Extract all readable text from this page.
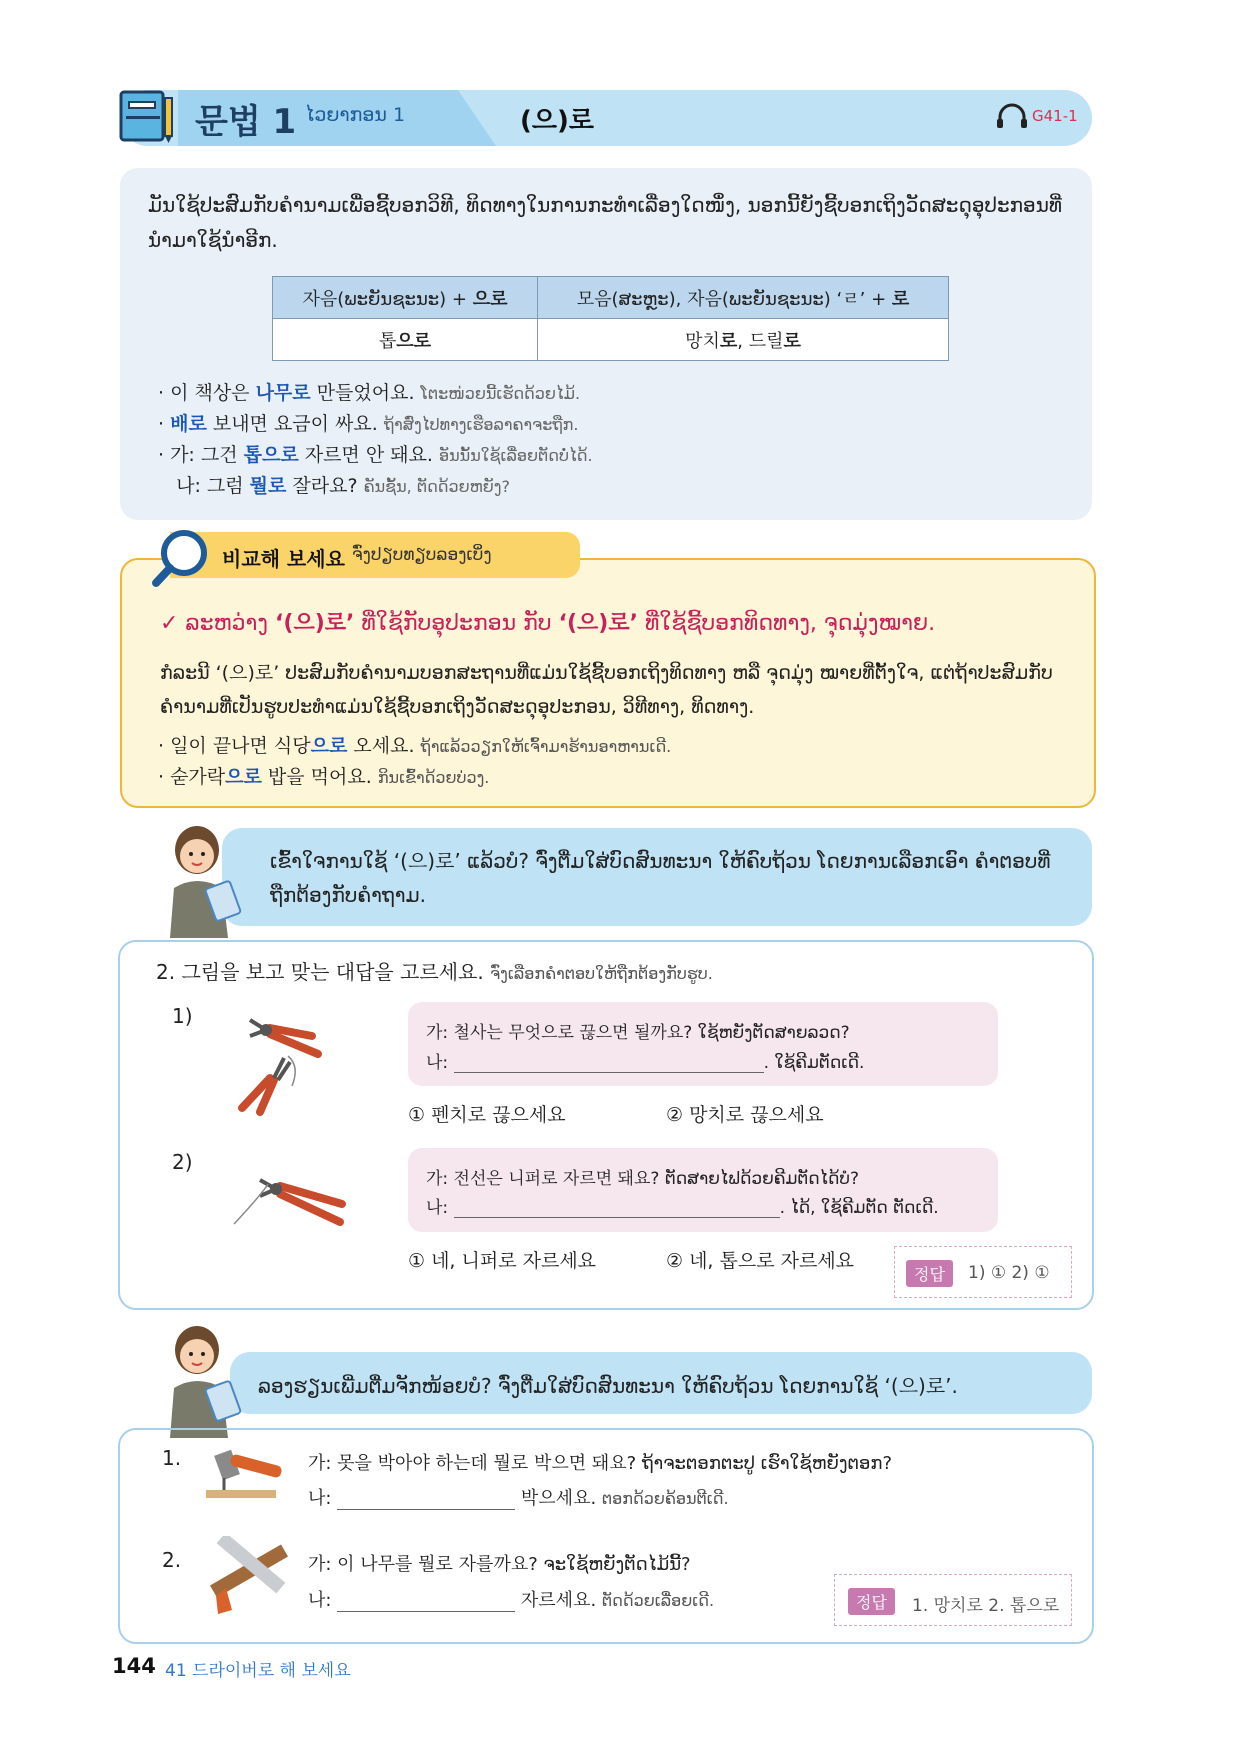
문법 1 ໄວຍາກອນ 1	(으)로	G41-1
ມັນໃຊ້ປະສົມກັບຄຳນາມເພື່ອຊີ້ບອກວິທີ, ທິດທາງໃນການກະທຳເລື່ອງໃດໜຶ່ງ, ນອກນີ້ຍັງຊີ້ບອກເຖິງວັດສະດຸອຸປະກອນທີ່ນຳມາໃຊ້ນຳອີກ.
자음(ພະຍັນຊະນະ) + 으로	모음(ສະຫຼະ), 자음(ພະຍັນຊະນະ) ‘ㄹ’ + 로
톱으로	망치로, 드릴로
· 이 책상은 나무로 만들었어요. ໂຕະໜ່ວຍນີ້ເຮັດດ້ວຍໄມ້.
· 배로 보내면 요금이 싸요. ຖ້າສົ່ງໄປທາງເຮືອລາຄາຈະຖືກ.
· 가: 그건 톱으로 자르면 안 돼요. ອັນນັ້ນໃຊ້ເລື່ອຍຕັດບໍ່ໄດ້.
나: 그럼 뭘로 잘라요? ຄັນຊັ້ນ, ຕັດດ້ວຍຫຍັງ?
비교해 보세요 ຈົ່ງປຽບທຽບລອງເບິ່ງ
✓ ລະຫວ່າງ ‘(으)로’ ທີ່ໃຊ້ກັບອຸປະກອນ ກັບ ‘(으)로’ ທີ່ໃຊ້ຊີ້ບອກທິດທາງ, ຈຸດມຸ່ງໝາຍ.
ກໍລະນີ ‘(으)로’ ປະສົມກັບຄຳນາມບອກສະຖານທີ່ແມ່ນໃຊ້ຊີ້ບອກເຖິງທິດທາງ ຫລື ຈຸດມຸ່ງ ໝາຍທີ່ຕັ້ງໃຈ, ແຕ່ຖ້າປະສົມກັບຄຳນາມທີ່ເປັນຮູບປະທຳແມ່ນໃຊ້ຊີ້ບອກເຖິງວັດສະດຸອຸປະກອນ, ວິທີທາງ, ທິດທາງ.
· 일이 끝나면 식당으로 오세요. ຖ້າແລ້ວວຽກໃຫ້ເຈົ້າມາຮ້ານອາຫານເດີ.
· 숟가락으로 밥을 먹어요. ກິນເຂົ້າດ້ວຍບ່ວງ.
ເຂົ້າໃຈການໃຊ້ ‘(으)로’ ແລ້ວບໍ? ຈົ່ງຕື່ມໃສ່ບົດສົນທະນາ ໃຫ້ຄົບຖ້ວນ ໂດຍການເລືອກເອົາ ຄຳຕອບທີ່ຖືກຕ້ອງກັບຄຳຖາມ.
2. 그림을 보고 맞는 대답을 고르세요. ຈົ່ງເລືອກຄຳຕອບໃຫ້ຖືກຕ້ອງກັບຮູບ.
1)
가: 철사는 무엇으로 끊으면 될까요? ໃຊ້ຫຍັງຕັດສາຍລວດ?
나:	. ໃຊ້ຄີມຕັດເດີ.
① 펜치로 끊으세요	② 망치로 끊으세요
2)
가: 전선은 니퍼로 자르면 돼요? ຕັດສາຍໄຟດ້ວຍຄີມຕັດໄດ້ບໍ?
나:	. ໄດ້, ໃຊ້ຄີມຕັດ ຕັດເດີ.
① 네, 니퍼로 자르세요	② 네, 톱으로 자르세요
정답	1) ① 2) ①
ລອງຮຽນເພີ່ມຕື່ມຈັກໜ້ອຍບໍ? ຈົ່ງຕື່ມໃສ່ບົດສົນທະນາ ໃຫ້ຄົບຖ້ວນ ໂດຍການໃຊ້ ‘(으)로’.
1.	가: 못을 박아야 하는데 뭘로 박으면 돼요? ຖ້າຈະຕອກຕະປູ ເຮົາໃຊ້ຫຍັງຕອກ?
나:	박으세요. ຕອກດ້ວຍຄ້ອນຕີເດີ.
2.	가: 이 나무를 뭘로 자를까요? ຈະໃຊ້ຫຍັງຕັດໄມ້ນີ້?
나:	자르세요. ຕັດດ້ວຍເລື່ອຍເດີ.	정답	1. 망치로 2. 톱으로
144 41 드라이버로 해 보세요
